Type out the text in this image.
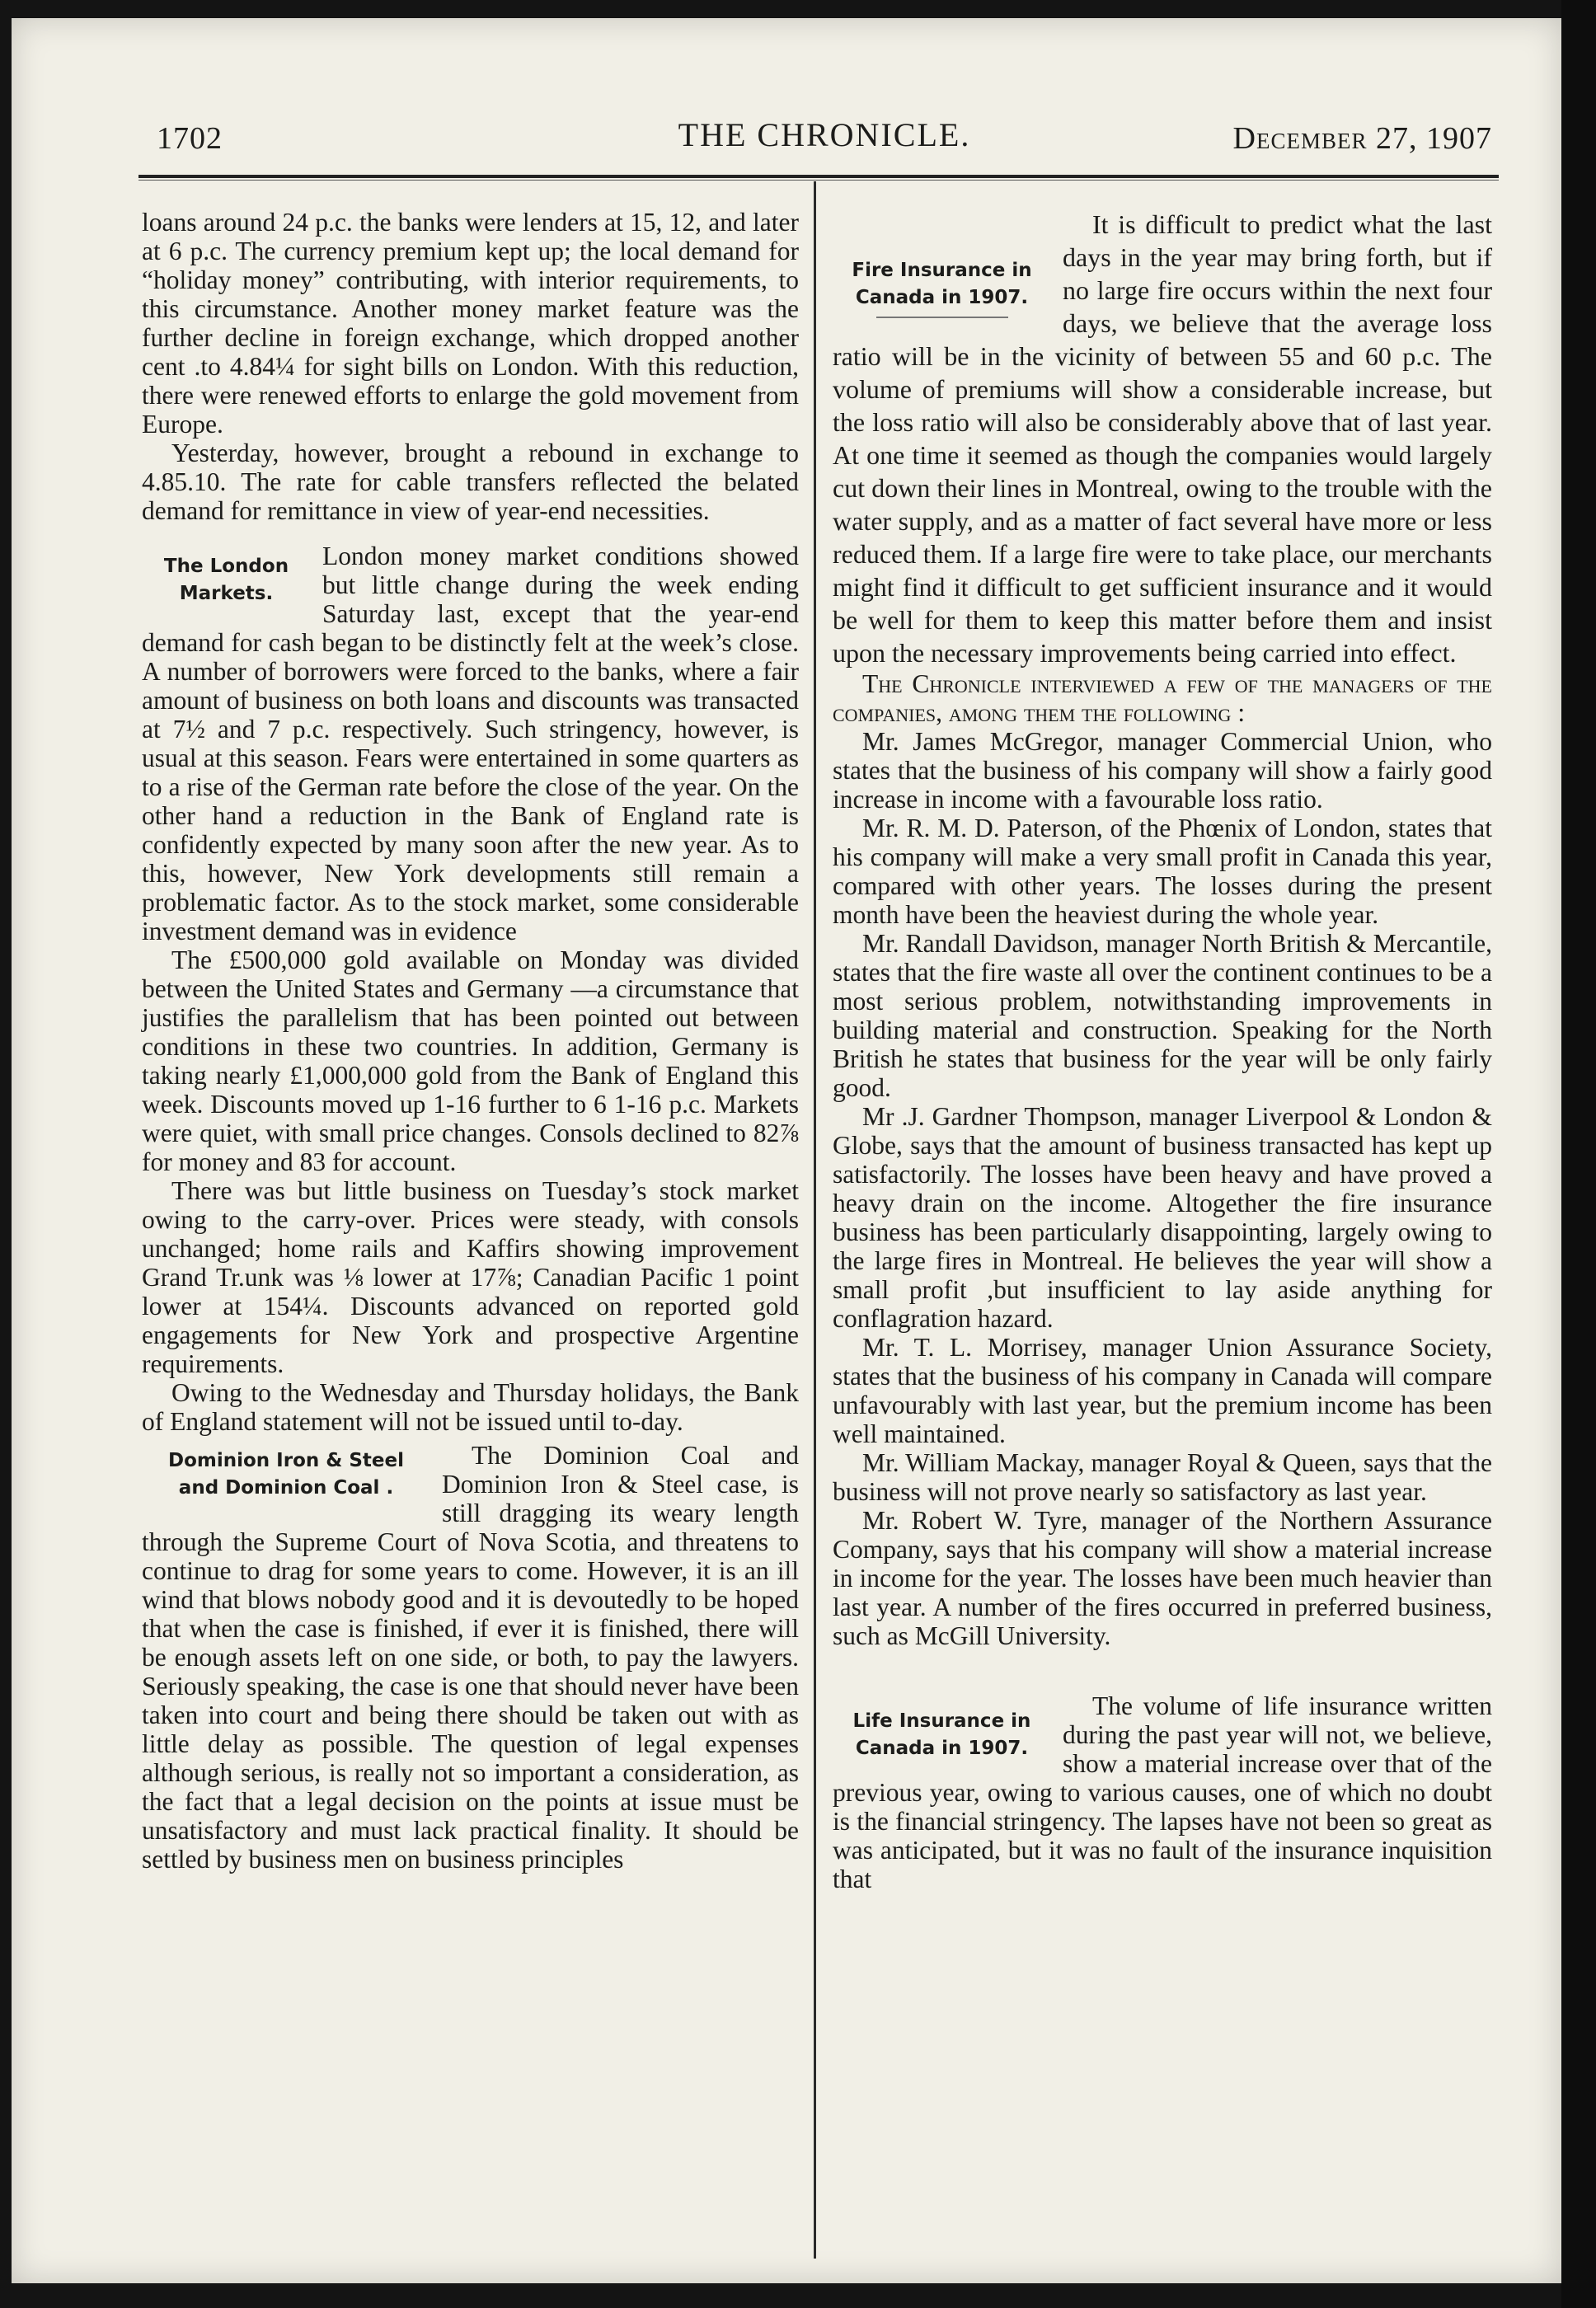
1702	THE CHRONICLE.	December 27, 1907

loans around 24 p.c. the banks were lenders at 15, 12, and later at 6 p.c. The currency premium kept up; the local demand for “holiday money” contributing, with interior requirements, to this circumstance. Another money market feature was the further decline in foreign exchange, which dropped another cent .to 4.84¼ for sight bills on London. With this reduction, there were renewed efforts to enlarge the gold movement from Europe.

Yesterday, however, brought a rebound in exchange to 4.85.10. The rate for cable transfers reflected the belated demand for remittance in view of year-end necessities.

The London
Markets.

London money market conditions showed but little change during the week ending Saturday last, except that the year-end demand for cash began to be distinctly felt at the week’s close. A number of borrowers were forced to the banks, where a fair amount of business on both loans and discounts was transacted at 7½ and 7 p.c. respectively. Such stringency, however, is usual at this season. Fears were entertained in some quarters as to a rise of the German rate before the close of the year. On the other hand a reduction in the Bank of England rate is confidently expected by many soon after the new year. As to this, however, New York developments still remain a problematic factor. As to the stock market, some considerable investment demand was in evidence

The £500,000 gold available on Monday was divided between the United States and Germany —a circumstance that justifies the parallelism that has been pointed out between conditions in these two countries. In addition, Germany is taking nearly £1,000,000 gold from the Bank of England this week. Discounts moved up 1-16 further to 6 1-16 p.c. Markets were quiet, with small price changes. Consols declined to 82⅞ for money and 83 for account.

There was but little business on Tuesday’s stock market owing to the carry-over. Prices were steady, with consols unchanged; home rails and Kaffirs showing improvement Grand Tr.unk was ⅛ lower at 17⅞; Canadian Pacific 1 point lower at 154¼. Discounts advanced on reported gold engagements for New York and prospective Argentine requirements.

Owing to the Wednesday and Thursday holidays, the Bank of England statement will not be issued until to-day.

Dominion Iron & Steel
and Dominion Coal .

The Dominion Coal and Dominion Iron & Steel case, is still dragging its weary length through the Supreme Court of Nova Scotia, and threatens to continue to drag for some years to come. However, it is an ill wind that blows nobody good and it is devoutedly to be hoped that when the case is finished, if ever it is finished, there will be enough assets left on one side, or both, to pay the lawyers. Seriously speaking, the case is one that should never have been taken into court and being there should be taken out with as little delay as possible. The question of legal expenses although serious, is really not so important a consideration, as the fact that a legal decision on the points at issue must be unsatisfactory and must lack practical finality. It should be settled by business men on business principles

Fire Insurance in
Canada in 1907.

It is difficult to predict what the last days in the year may bring forth, but if no large fire occurs within the next four days, we believe that the average loss ratio will be in the vicinity of between 55 and 60 p.c. The volume of premiums will show a considerable increase, but the loss ratio will also be considerably above that of last year. At one time it seemed as though the companies would largely cut down their lines in Montreal, owing to the trouble with the water supply, and as a matter of fact several have more or less reduced them. If a large fire were to take place, our merchants might find it difficult to get sufficient insurance and it would be well for them to keep this matter before them and insist upon the necessary improvements being carried into effect.

The Chronicle interviewed a few of the managers of the companies, among them the following :

Mr. James McGregor, manager Commercial Union, who states that the business of his company will show a fairly good increase in income with a favourable loss ratio.

Mr. R. M. D. Paterson, of the Phœnix of London, states that his company will make a very small profit in Canada this year, compared with other years. The losses during the present month have been the heaviest during the whole year.

Mr. Randall Davidson, manager North British & Mercantile, states that the fire waste all over the continent continues to be a most serious problem, notwithstanding improvements in building material and construction. Speaking for the North British he states that business for the year will be only fairly good.

Mr .J. Gardner Thompson, manager Liverpool & London & Globe, says that the amount of business transacted has kept up satisfactorily. The losses have been heavy and have proved a heavy drain on the income. Altogether the fire insurance business has been particularly disappointing, largely owing to the large fires in Montreal. He believes the year will show a small profit ,but insufficient to lay aside anything for conflagration hazard.

Mr. T. L. Morrisey, manager Union Assurance Society, states that the business of his company in Canada will compare unfavourably with last year, but the premium income has been well maintained.

Mr. William Mackay, manager Royal & Queen, says that the business will not prove nearly so satisfactory as last year.

Mr. Robert W. Tyre, manager of the Northern Assurance Company, says that his company will show a material increase in income for the year. The losses have been much heavier than last year. A number of the fires occurred in preferred business, such as McGill University.

Life Insurance in
Canada in 1907.

The volume of life insurance written during the past year will not, we believe, show a material increase over that of the previous year, owing to various causes, one of which no doubt is the financial stringency. The lapses have not been so great as was anticipated, but it was no fault of the insurance inquisition that
